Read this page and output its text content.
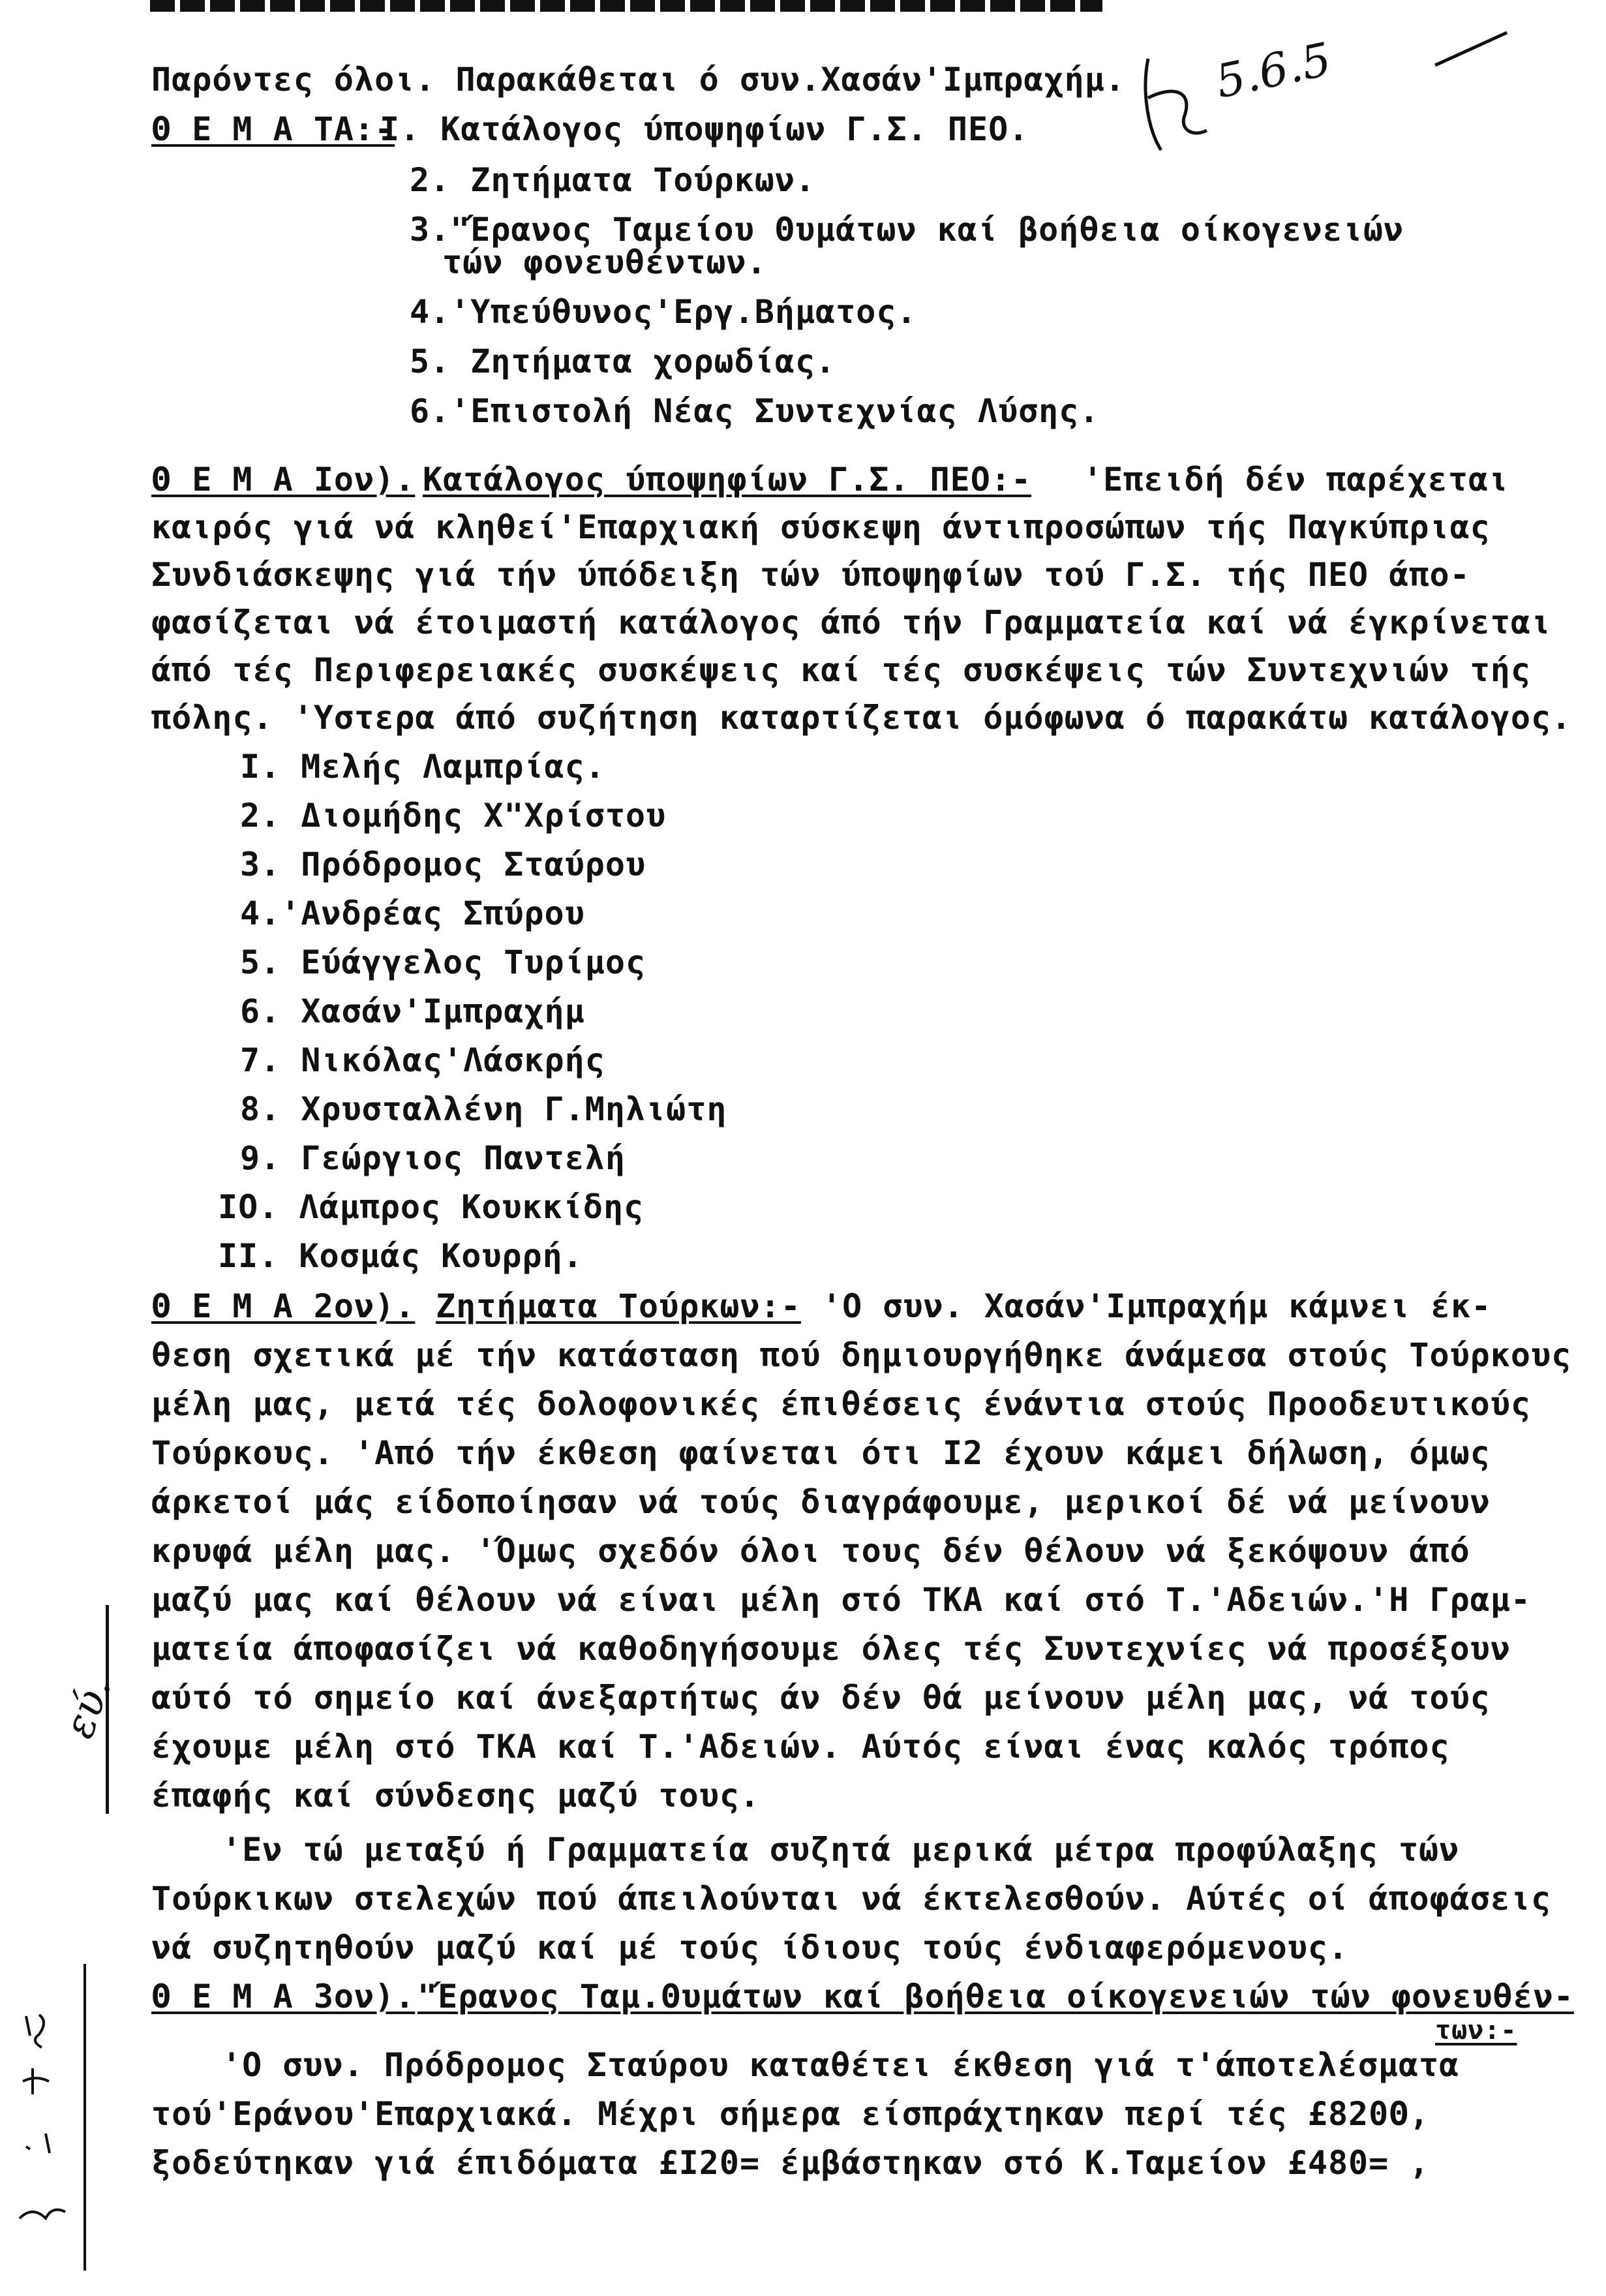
Παρόντες όλοι. Παρακάθεται ό συν.Χασάν'Ιμπραχήμ. 5.6.5
Θ Ε Μ Α ΤΑ:-
Ι. Κατάλογος ύποψηφίων Γ.Σ. ΠΕΟ.
2. Ζητήματα Τούρκων.
3."Έρανος Ταμείου Θυμάτων καί βοήθεια οίκογενειών
τών φονευθέντων.
4.'Υπεύθυνος'Εργ.Βήματος.
5. Ζητήματα χορωδίας.
6.'Επιστολή Νέας Συντεχνίας Λύσης.
Θ Ε Μ Α Ιον). Κατάλογος ύποψηφίων Γ.Σ. ΠΕΟ:- 'Επειδή δέν παρέχεται
καιρός γιά νά κληθεί'Επαρχιακή σύσκεψη άντιπροσώπων τής Παγκύπριας
Συνδιάσκεψης γιά τήν ύπόδειξη τών ύποψηφίων τού Γ.Σ. τής ΠΕΟ άπο-
φασίζεται νά έτοιμαστή κατάλογος άπό τήν Γραμματεία καί νά έγκρίνεται
άπό τές Περιφερειακές συσκέψεις καί τές συσκέψεις τών Συντεχνιών τής
πόλης. 'Υστερα άπό συζήτηση καταρτίζεται όμόφωνα ό παρακάτω κατάλογος.
Ι. Μελής Λαμπρίας.
2. Διομήδης Χ"Χρίστου
3. Πρόδρομος Σταύρου
4.'Ανδρέας Σπύρου
5. Εύάγγελος Τυρίμος
6. Χασάν'Ιμπραχήμ
7. Νικόλας'Λάσκρής
8. Χρυσταλλένη Γ.Μηλιώτη
9. Γεώργιος Παντελή
ΙΟ. Λάμπρος Κουκκίδης
ΙΙ. Κοσμάς Κουρρή.
Θ Ε Μ Α 2ον). Ζητήματα Τούρκων:- 'Ο συν. Χασάν'Ιμπραχήμ κάμνει έκ-
θεση σχετικά μέ τήν κατάσταση πού δημιουργήθηκε άνάμεσα στούς Τούρκους
μέλη μας, μετά τές δολοφονικές έπιθέσεις ένάντια στούς Προοδευτικούς
Τούρκους. 'Από τήν έκθεση φαίνεται ότι Ι2 έχουν κάμει δήλωση, όμως
άρκετοί μάς είδοποίησαν νά τούς διαγράφουμε, μερικοί δέ νά μείνουν
κρυφά μέλη μας. 'Όμως σχεδόν όλοι τους δέν θέλουν νά ξεκόψουν άπό
μαζύ μας καί θέλουν νά είναι μέλη στό ΤΚΑ καί στό Τ.'Αδειών.'Η Γραμ-
ματεία άποφασίζει νά καθοδηγήσουμε όλες τές Συντεχνίες νά προσέξουν
αύτό τό σημείο καί άνεξαρτήτως άν δέν θά μείνουν μέλη μας, νά τούς
έχουμε μέλη στό ΤΚΑ καί Τ.'Αδειών. Αύτός είναι ένας καλός τρόπος
έπαφής καί σύνδεσης μαζύ τους.
εύ.
'Εν τώ μεταξύ ή Γραμματεία συζητά μερικά μέτρα προφύλαξης τών
Τούρκικων στελεχών πού άπειλούνται νά έκτελεσθούν. Αύτές οί άποφάσεις
νά συζητηθούν μαζύ καί μέ τούς ίδιους τούς ένδιαφερόμενους.
Θ Ε Μ Α 3ον). "Έρανος Ταμ.Θυμάτων καί βοήθεια οίκογενειών τών φονευθέν-
των:-
'Ο συν. Πρόδρομος Σταύρου καταθέτει έκθεση γιά τ'άποτελέσματα
τού'Εράνου'Επαρχιακά. Μέχρι σήμερα είσπράχτηκαν περί τές £820Θ,
ξοδεύτηκαν γιά έπιδόματα £Ι20= έμβάστηκαν στό Κ.Ταμείον £480= ,
